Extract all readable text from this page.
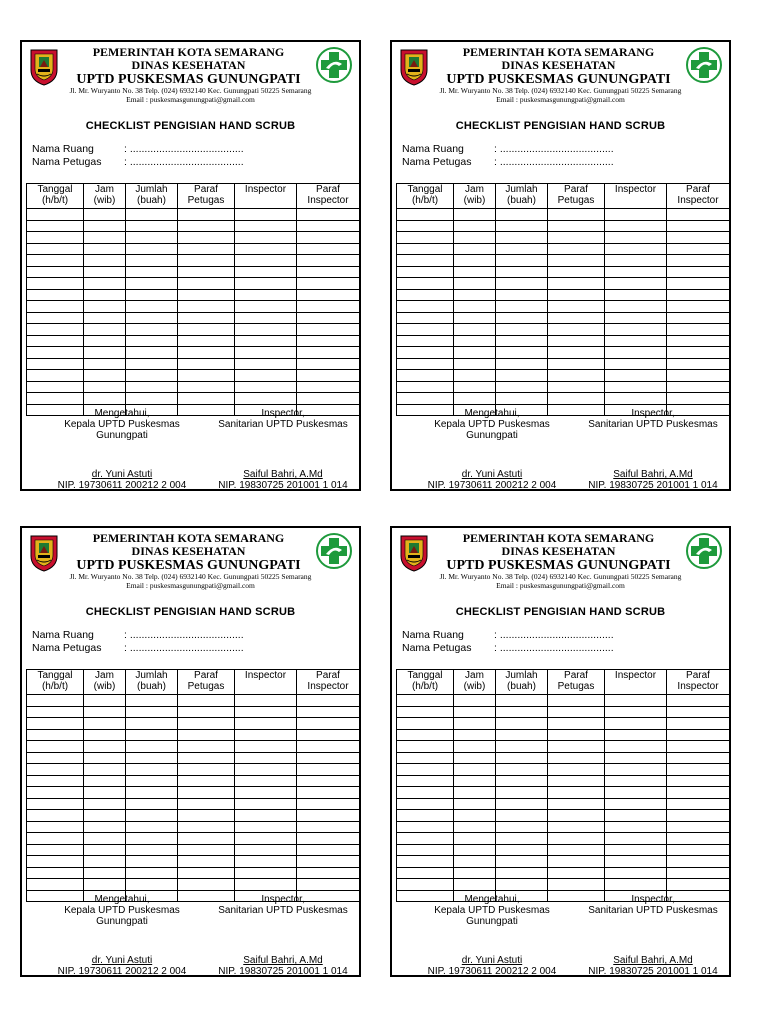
PEMERINTAH KOTA SEMARANG
DINAS KESEHATAN
UPTD PUSKESMAS GUNUNGPATI
Jl. Mr. Wuryanto No. 38 Telp. (024) 6932140 Kec. Gunungpati 50225 Semarang
Email : puskesmasgunungpati@gmail.com
CHECKLIST PENGISIAN HAND SCRUB
Nama Ruang	: .......................................
Nama Petugas	: .......................................
Tanggal (h/b/t)	Jam (wib)	Jumlah (buah)	Paraf Petugas	Inspector	Paraf Inspector

Mengetahui,
Kepala UPTD Puskesmas
Gunungpati
Inspector,
Sanitarian UPTD Puskesmas
dr. Yuni Astuti
NIP. 19730611 200212 2 004
Saiful Bahri, A.Md
NIP. 19830725 201001 1 014
PEMERINTAH KOTA SEMARANG
DINAS KESEHATAN
UPTD PUSKESMAS GUNUNGPATI
Jl. Mr. Wuryanto No. 38 Telp. (024) 6932140 Kec. Gunungpati 50225 Semarang
Email : puskesmasgunungpati@gmail.com
CHECKLIST PENGISIAN HAND SCRUB
Nama Ruang	: .......................................
Nama Petugas	: .......................................
Tanggal (h/b/t)	Jam (wib)	Jumlah (buah)	Paraf Petugas	Inspector	Paraf Inspector

Mengetahui,
Kepala UPTD Puskesmas
Gunungpati
Inspector,
Sanitarian UPTD Puskesmas
dr. Yuni Astuti
NIP. 19730611 200212 2 004
Saiful Bahri, A.Md
NIP. 19830725 201001 1 014
PEMERINTAH KOTA SEMARANG
DINAS KESEHATAN
UPTD PUSKESMAS GUNUNGPATI
Jl. Mr. Wuryanto No. 38 Telp. (024) 6932140 Kec. Gunungpati 50225 Semarang
Email : puskesmasgunungpati@gmail.com
CHECKLIST PENGISIAN HAND SCRUB
Nama Ruang	: .......................................
Nama Petugas	: .......................................
Tanggal (h/b/t)	Jam (wib)	Jumlah (buah)	Paraf Petugas	Inspector	Paraf Inspector

Mengetahui,
Kepala UPTD Puskesmas
Gunungpati
Inspector,
Sanitarian UPTD Puskesmas
dr. Yuni Astuti
NIP. 19730611 200212 2 004
Saiful Bahri, A.Md
NIP. 19830725 201001 1 014
PEMERINTAH KOTA SEMARANG
DINAS KESEHATAN
UPTD PUSKESMAS GUNUNGPATI
Jl. Mr. Wuryanto No. 38 Telp. (024) 6932140 Kec. Gunungpati 50225 Semarang
Email : puskesmasgunungpati@gmail.com
CHECKLIST PENGISIAN HAND SCRUB
Nama Ruang	: .......................................
Nama Petugas	: .......................................
Tanggal (h/b/t)	Jam (wib)	Jumlah (buah)	Paraf Petugas	Inspector	Paraf Inspector

Mengetahui,
Kepala UPTD Puskesmas
Gunungpati
Inspector,
Sanitarian UPTD Puskesmas
dr. Yuni Astuti
NIP. 19730611 200212 2 004
Saiful Bahri, A.Md
NIP. 19830725 201001 1 014
